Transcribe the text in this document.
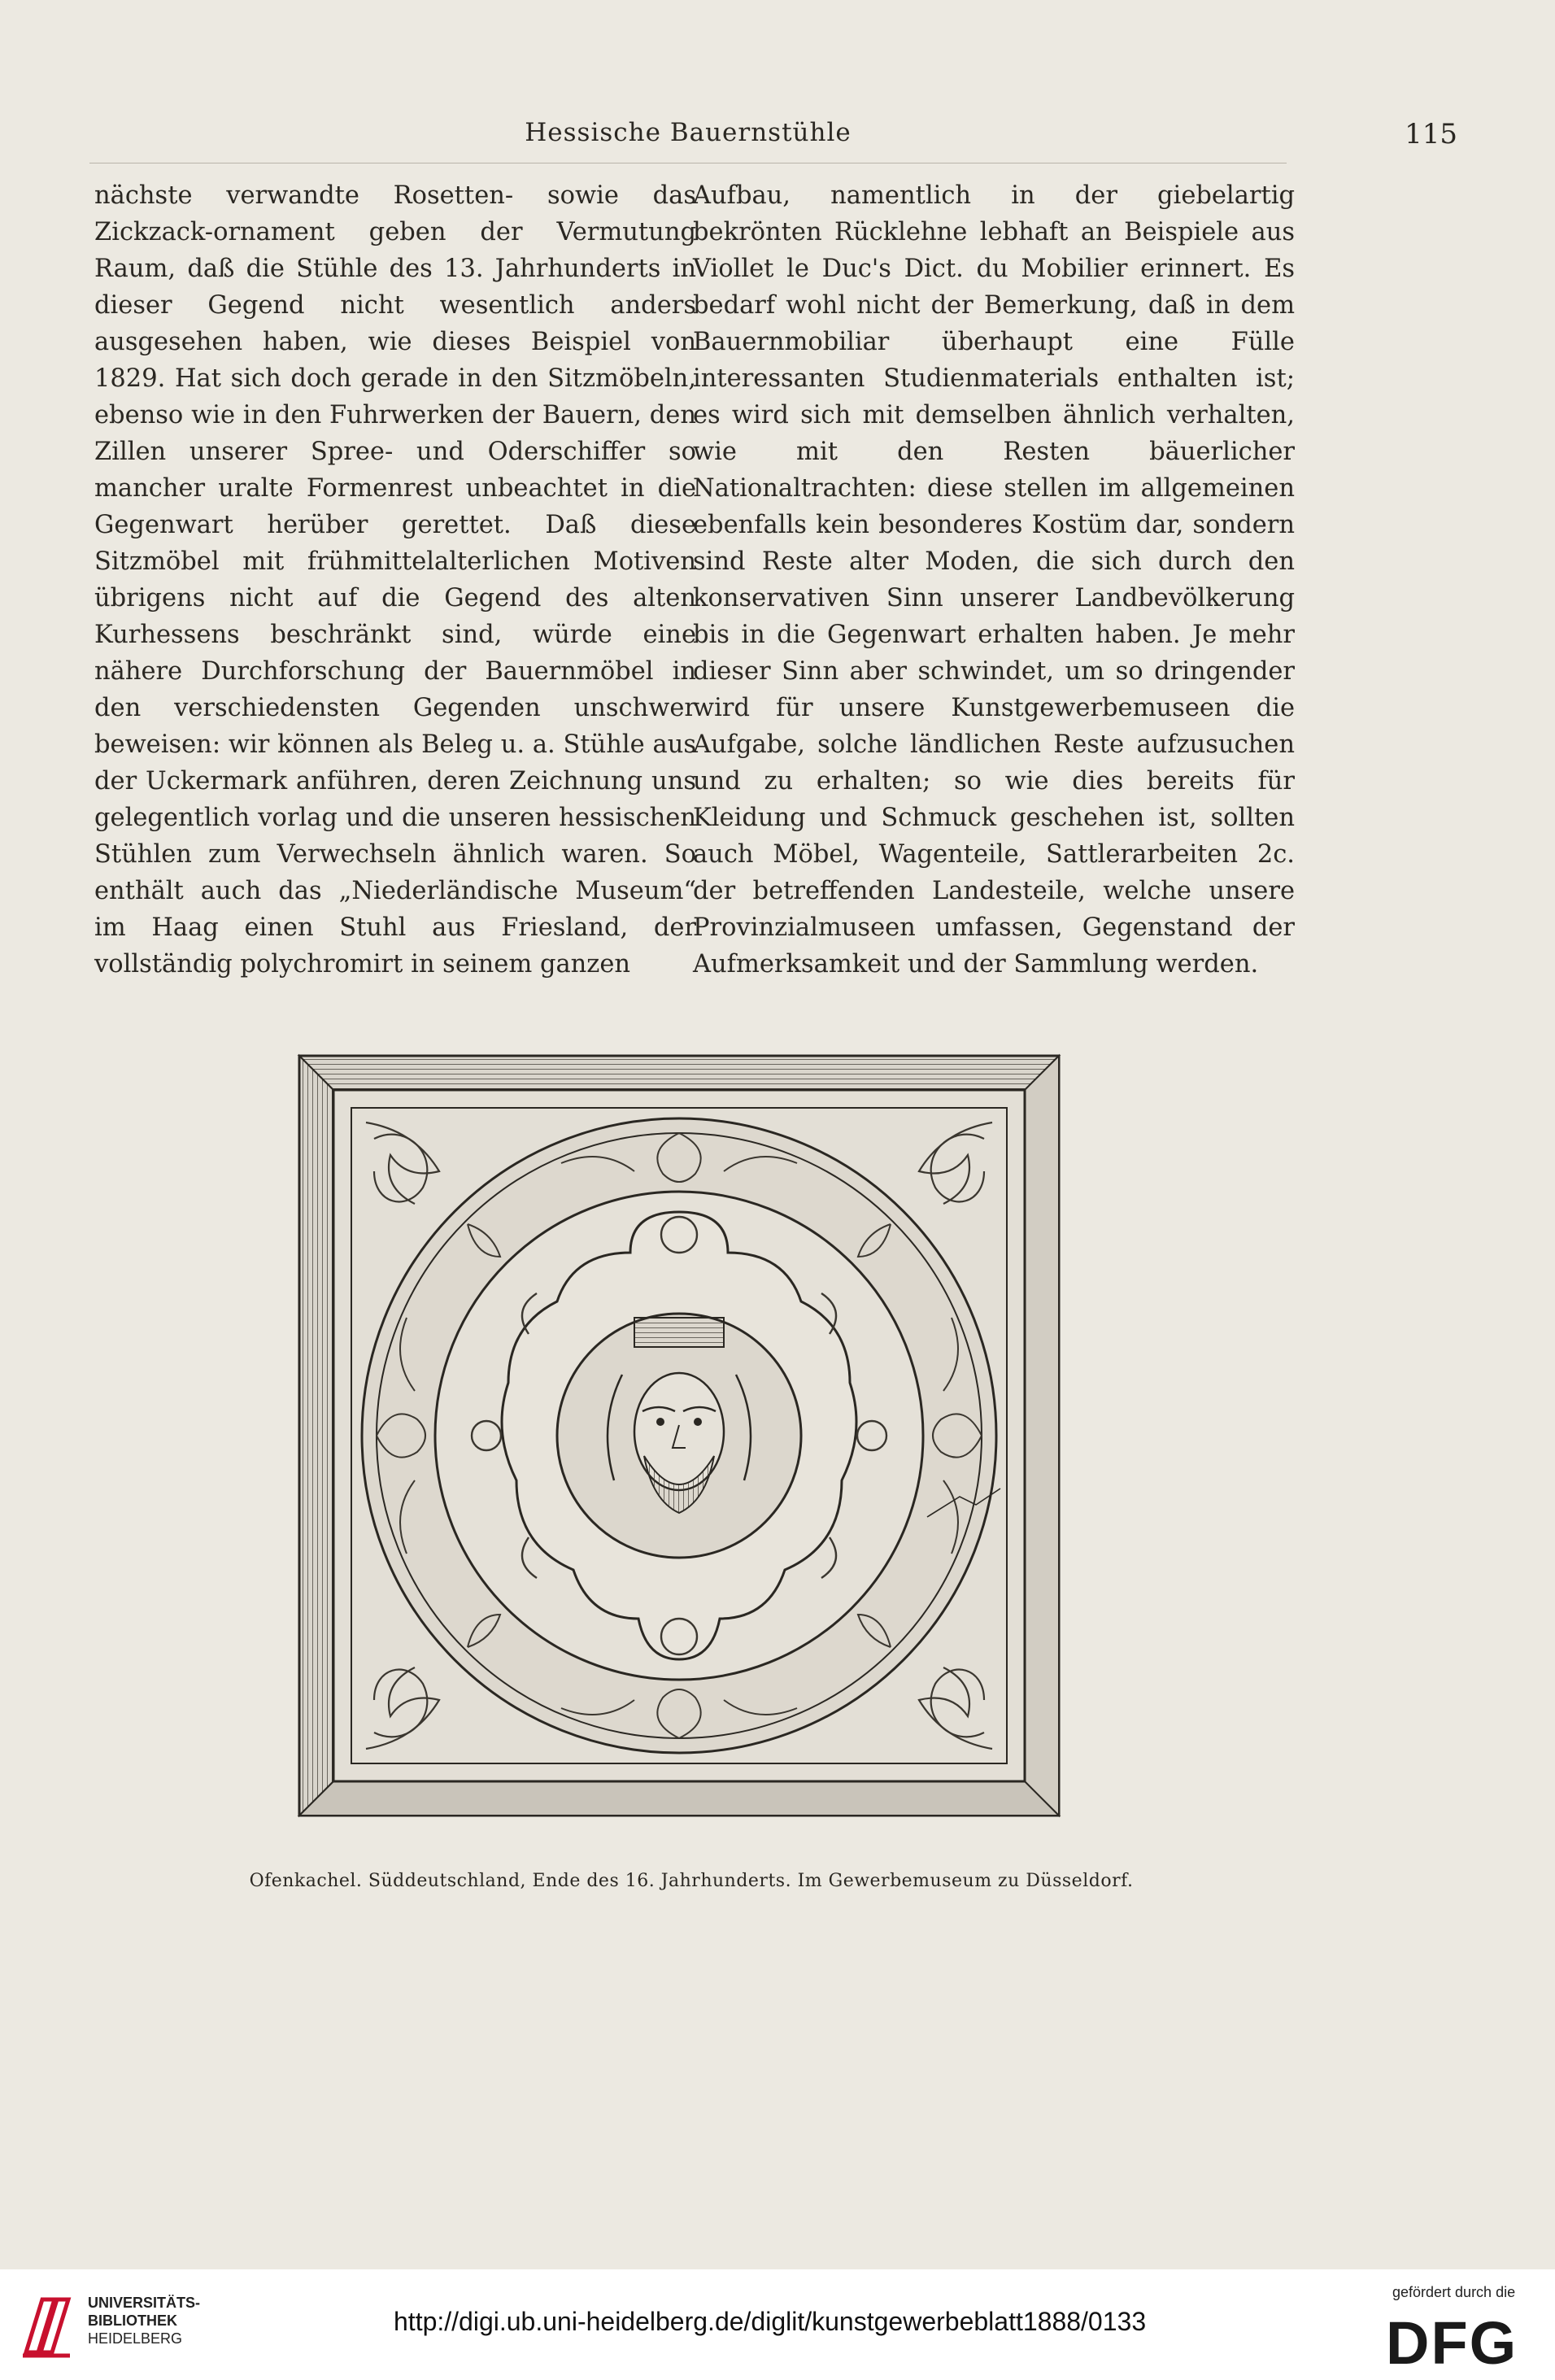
Hessische Bauernstühle	115

nächste verwandte Rosetten- sowie das Zickzack-ornament geben der Vermutung Raum, daß die Stühle des 13. Jahrhunderts in dieser Gegend nicht wesentlich anders ausgesehen haben, wie dieses Beispiel von 1829. Hat sich doch gerade in den Sitzmöbeln, ebenso wie in den Fuhrwerken der Bauern, den Zillen unserer Spree- und Oderschiffer so mancher uralte Formenrest unbeachtet in die Gegenwart herüber gerettet. Daß diese Sitzmöbel mit frühmittelalterlichen Motiven übrigens nicht auf die Gegend des alten Kurhessens beschränkt sind, würde eine nähere Durchforschung der Bauernmöbel in den verschiedensten Gegenden unschwer beweisen: wir können als Beleg u. a. Stühle aus der Uckermark anführen, deren Zeichnung uns gelegentlich vorlag und die unseren hessischen Stühlen zum Verwechseln ähnlich waren. So enthält auch das „Niederländische Museum“ im Haag einen Stuhl aus Friesland, der vollständig polychromirt in seinem ganzen

Aufbau, namentlich in der giebelartig bekrönten Rücklehne lebhaft an Beispiele aus Viollet le Duc's Dict. du Mobilier erinnert. Es bedarf wohl nicht der Bemerkung, daß in dem Bauernmobiliar überhaupt eine Fülle interessanten Studienmaterials enthalten ist; es wird sich mit demselben ähnlich verhalten, wie mit den Resten bäuerlicher Nationaltrachten: diese stellen im allgemeinen ebenfalls kein besonderes Kostüm dar, sondern sind Reste alter Moden, die sich durch den konservativen Sinn unserer Landbevölkerung bis in die Gegenwart erhalten haben. Je mehr dieser Sinn aber schwindet, um so dringender wird für unsere Kunstgewerbemuseen die Aufgabe, solche ländlichen Reste aufzusuchen und zu erhalten; so wie dies bereits für Kleidung und Schmuck geschehen ist, sollten auch Möbel, Wagenteile, Sattlerarbeiten 2c. der betreffenden Landesteile, welche unsere Provinzialmuseen umfassen, Gegenstand der Aufmerksamkeit und der Sammlung werden.

Ofenkachel. Süddeutschland, Ende des 16. Jahrhunderts. Im Gewerbemuseum zu Düsseldorf.
UNIVERSITÄTS-
BIBLIOTHEK
HEIDELBERG
http://digi.ub.uni-heidelberg.de/diglit/kunstgewerbeblatt1888/0133
gefördert durch die
DFG
